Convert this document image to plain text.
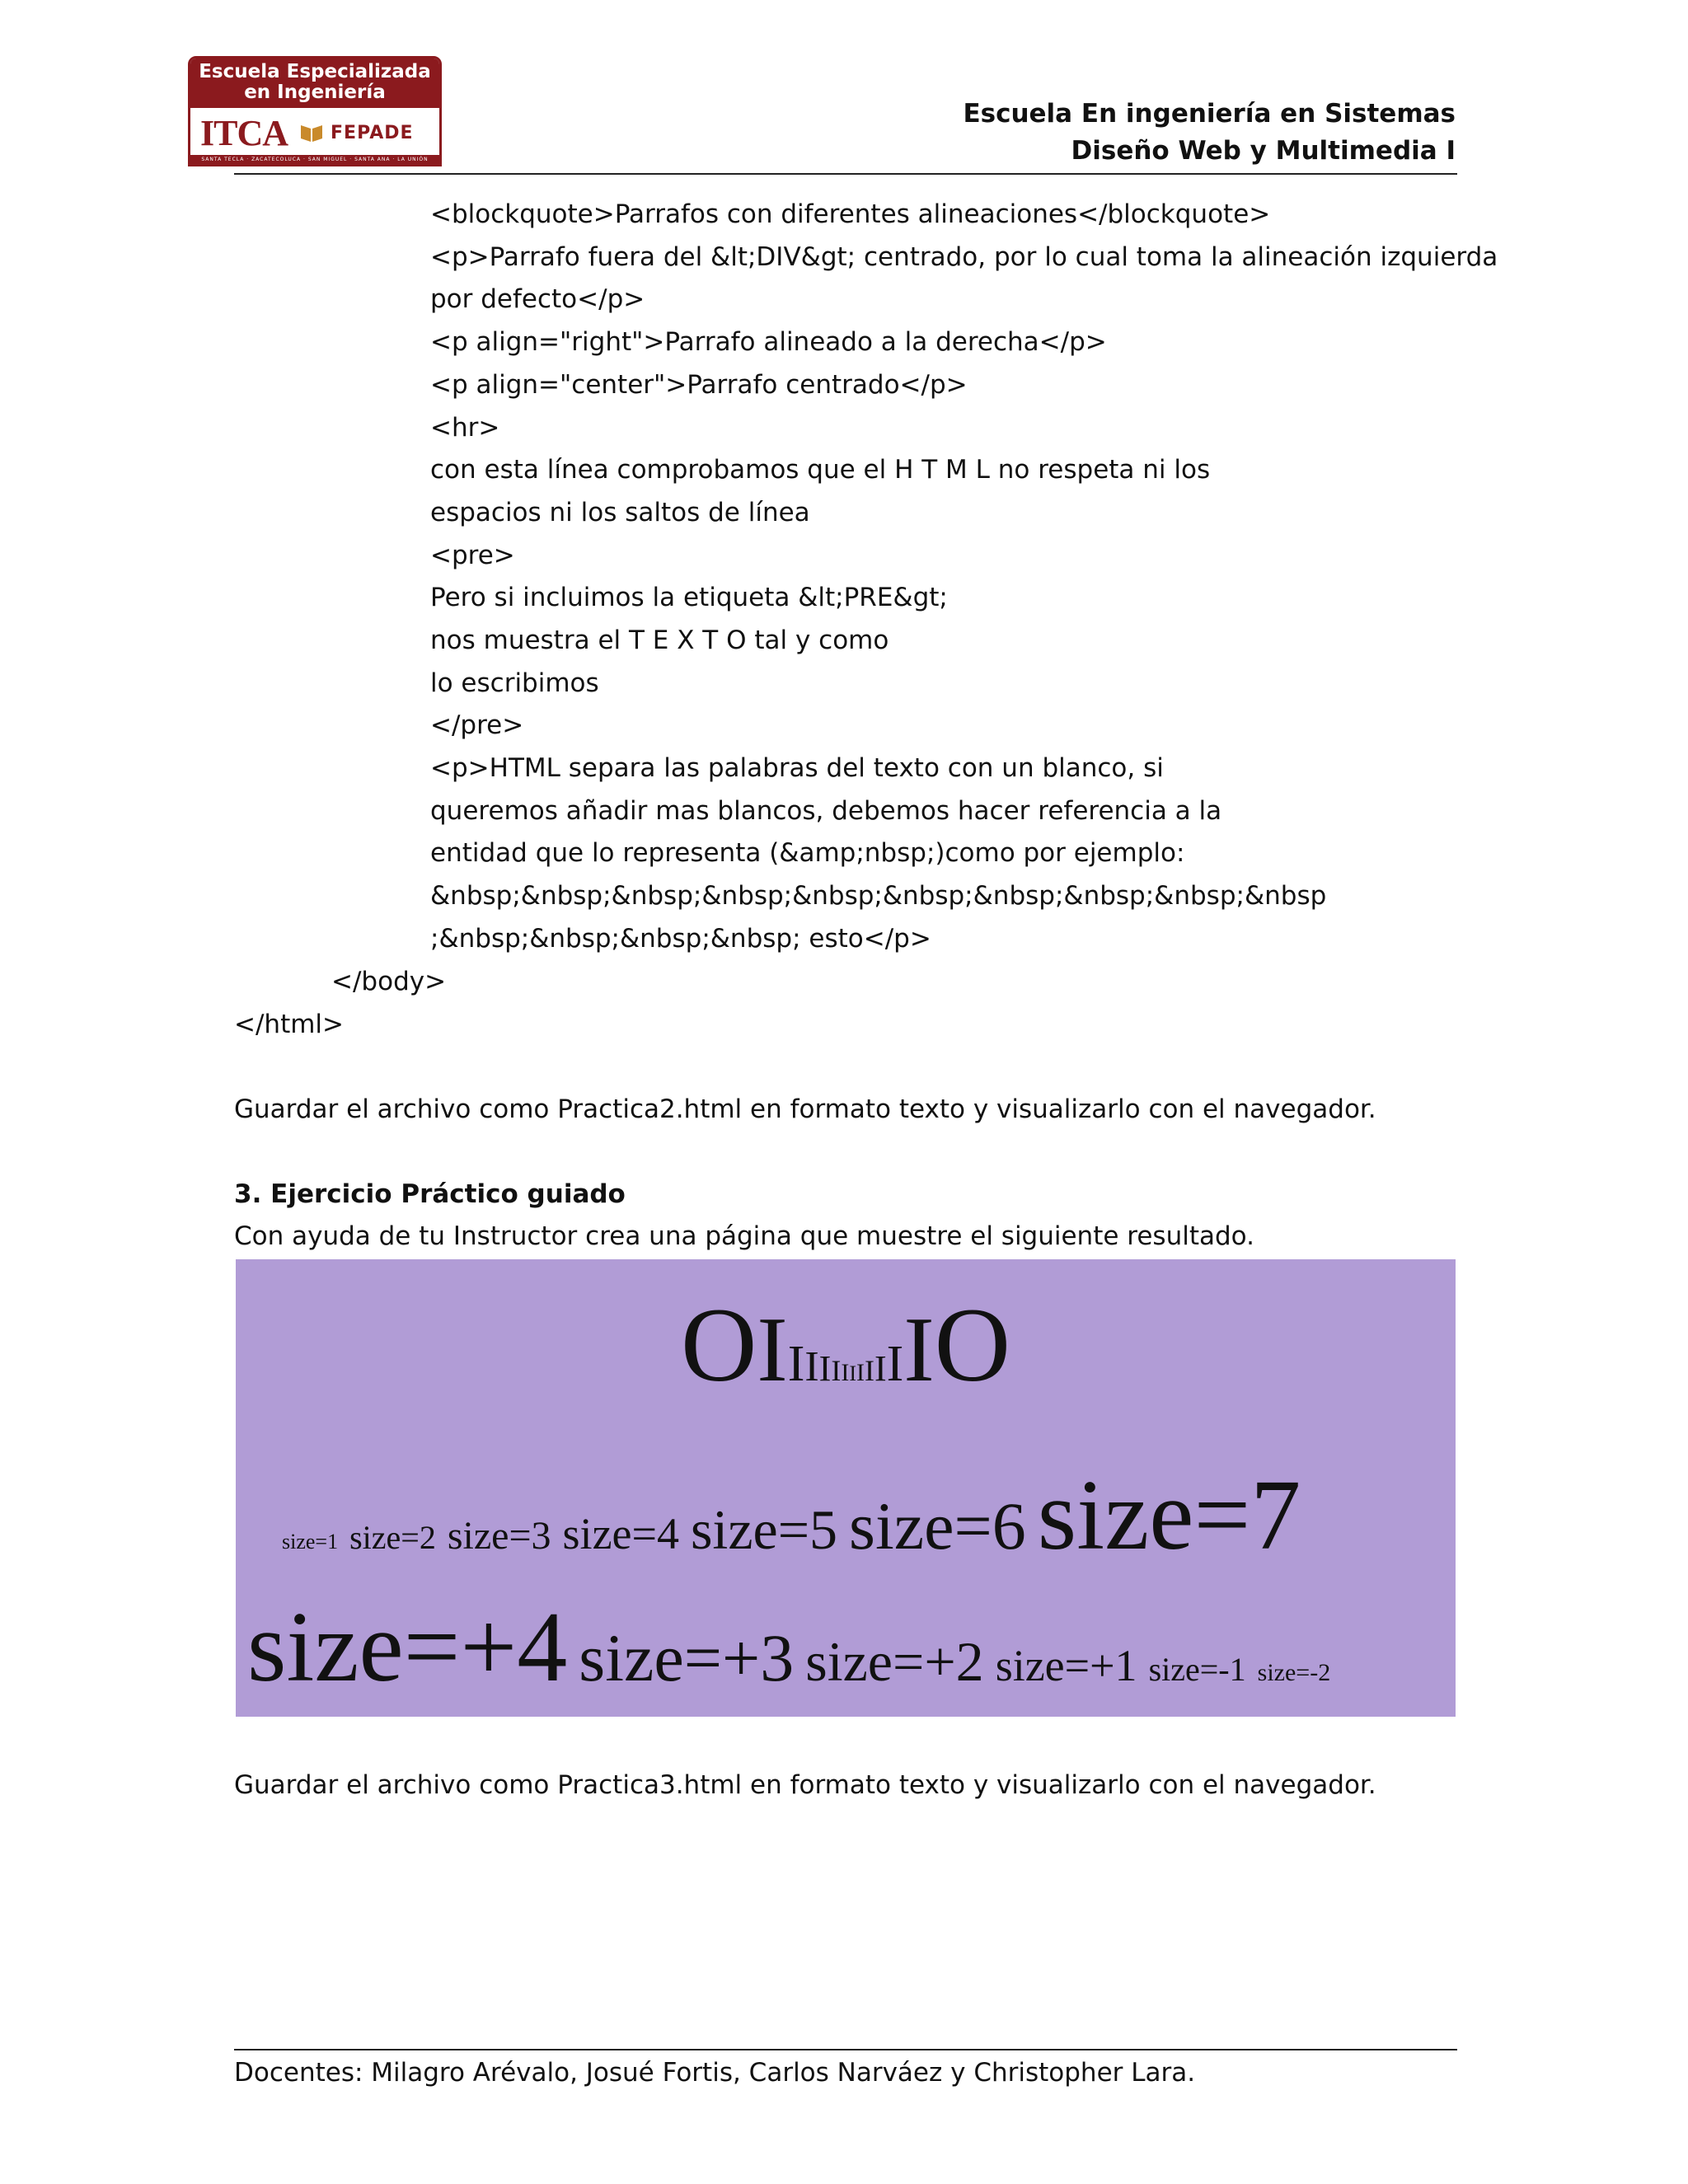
Escuela Especializada
en Ingeniería
ITCA FEPADE
SANTA TECLA · ZACATECOLUCA · SAN MIGUEL · SANTA ANA · LA UNIÓN
Escuela En ingeniería en Sistemas
Diseño Web y Multimedia I
<blockquote>Parrafos con diferentes alineaciones</blockquote>
<p>Parrafo fuera del &lt;DIV&gt; centrado, por lo cual toma la alineación izquierda
por defecto</p>
<p align="right">Parrafo alineado a la derecha</p>
<p align="center">Parrafo centrado</p>
<hr>
con esta línea comprobamos que el H T M L no respeta ni los
espacios ni los saltos de línea
<pre>
Pero si incluimos la etiqueta &lt;PRE&gt;
nos muestra el T E X T O tal y como
lo escribimos
</pre>
<p>HTML separa las palabras del texto con un blanco, si
queremos añadir mas blancos, debemos hacer referencia a la
entidad que lo representa (&amp;nbsp;)como por ejemplo:
&nbsp;&nbsp;&nbsp;&nbsp;&nbsp;&nbsp;&nbsp;&nbsp;&nbsp;&nbsp
;&nbsp;&nbsp;&nbsp;&nbsp; esto</p>
</body>
</html>
Guardar el archivo como Practica2.html en formato texto y visualizarlo con el navegador.
3. Ejercicio Práctico guiado
Con ayuda de tu Instructor crea una página que muestre el siguiente resultado.
O I I I I I I I I I I I I O
size=1 size=2 size=3 size=4 size=5 size=6 size=7
size=+4 size=+3 size=+2 size=+1 size=-1 size=-2
Guardar el archivo como Practica3.html en formato texto y visualizarlo con el navegador.
Docentes: Milagro Arévalo, Josué Fortis, Carlos Narváez y Christopher Lara.
